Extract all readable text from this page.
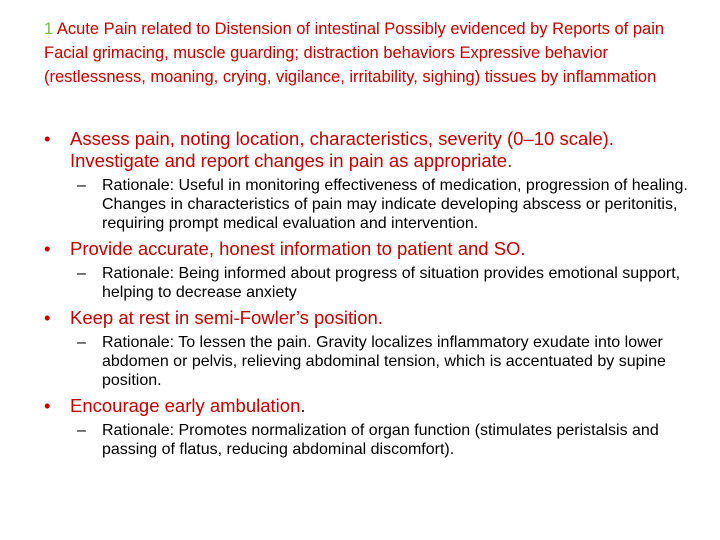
1 Acute Pain related to Distension of intestinal Possibly evidenced by Reports of pain Facial grimacing, muscle guarding; distraction behaviors Expressive behavior (restlessness, moaning, crying, vigilance, irritability, sighing) tissues by inflammation
• Assess pain, noting location, characteristics, severity (0–10 scale). Investigate and report changes in pain as appropriate.
– Rationale: Useful in monitoring effectiveness of medication, progression of healing. Changes in characteristics of pain may indicate developing abscess or peritonitis, requiring prompt medical evaluation and intervention.
• Provide accurate, honest information to patient and SO.
– Rationale: Being informed about progress of situation provides emotional support, helping to decrease anxiety
• Keep at rest in semi-Fowler’s position.
– Rationale: To lessen the pain. Gravity localizes inflammatory exudate into lower abdomen or pelvis, relieving abdominal tension, which is accentuated by supine position.
• Encourage early ambulation.
– Rationale: Promotes normalization of organ function (stimulates peristalsis and passing of flatus, reducing abdominal discomfort).
